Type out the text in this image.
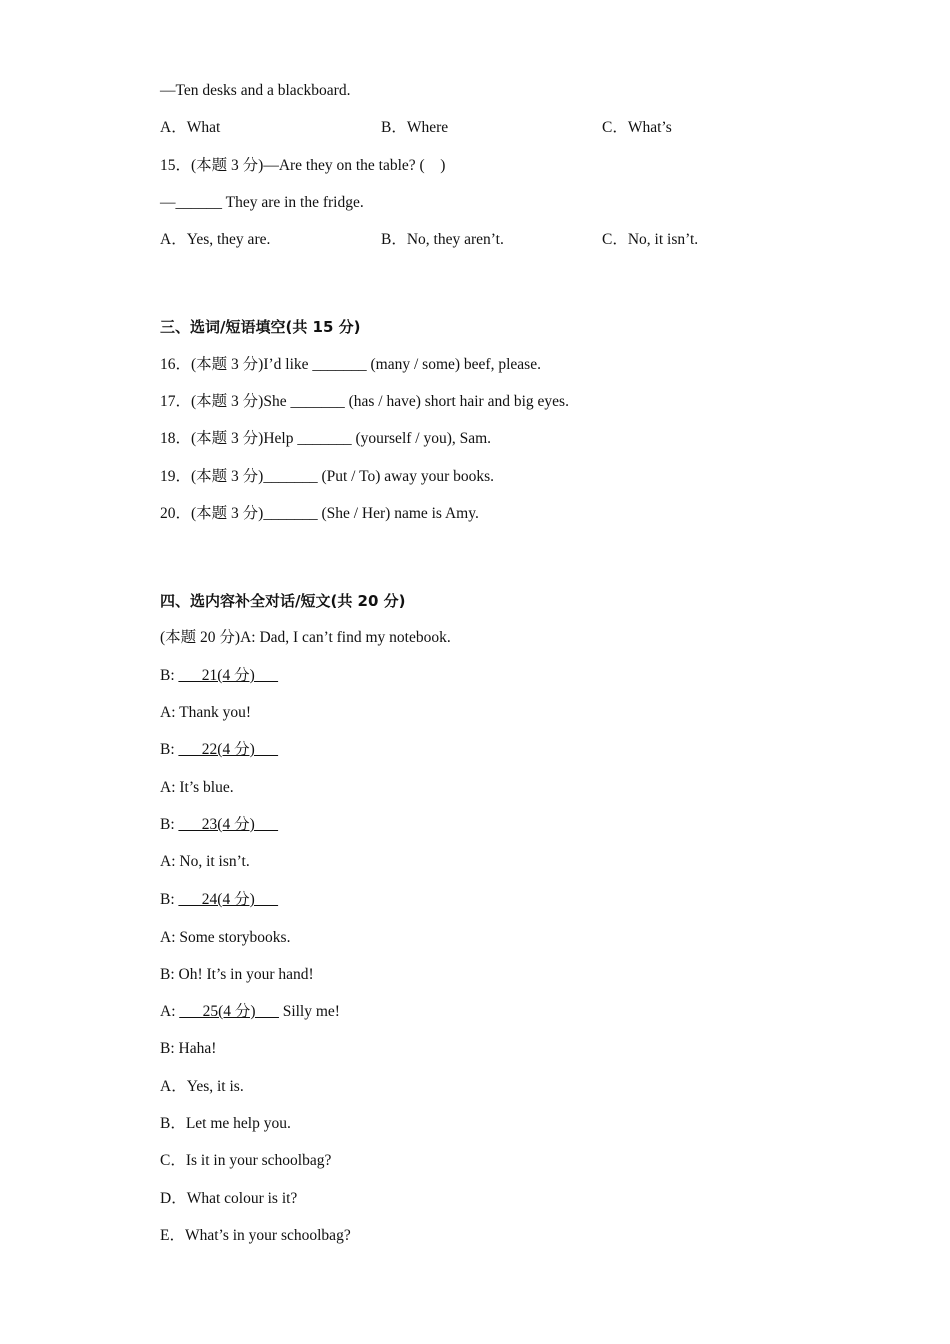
—Ten desks and a blackboard.
A．What	B．Where	C．What’s
15．(本题 3 分)—Are they on the table? (    )
—______ They are in the fridge.
A．Yes, they are.	B．No, they aren’t.	C．No, it isn’t.
三、选词/短语填空(共 15 分)
16．(本题 3 分)I’d like _______ (many / some) beef, please.
17．(本题 3 分)She _______ (has / have) short hair and big eyes.
18．(本题 3 分)Help _______ (yourself / you), Sam.
19．(本题 3 分)_______ (Put / To) away your books.
20．(本题 3 分)_______ (She / Her) name is Amy.
四、选内容补全对话/短文(共 20 分)
(本题 20 分)A: Dad, I can’t find my notebook.
B: ___21(4 分)___
A: Thank you!
B: ___22(4 分)___
A: It’s blue.
B: ___23(4 分)___
A: No, it isn’t.
B: ___24(4 分)___
A: Some storybooks.
B: Oh! It’s in your hand!
A: ___25(4 分)___ Silly me!
B: Haha!
A．Yes, it is.
B．Let me help you.
C．Is it in your schoolbag?
D．What colour is it?
E．What’s in your schoolbag?
